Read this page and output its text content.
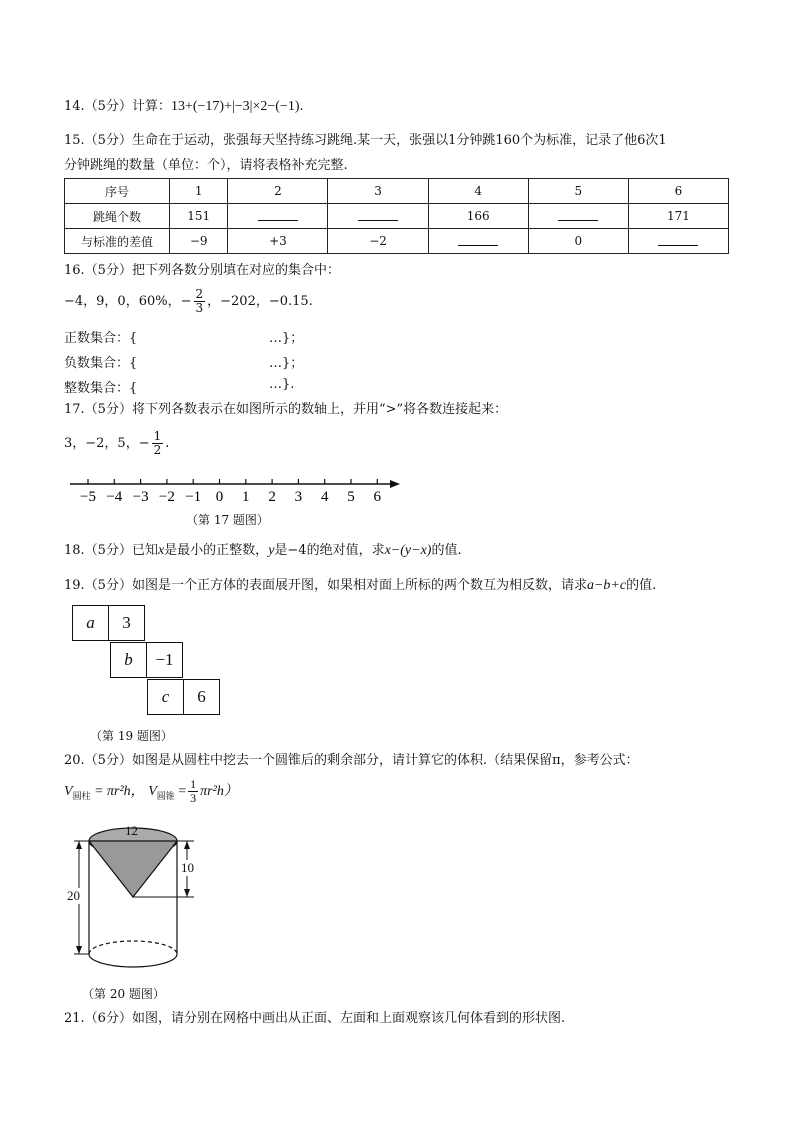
14.（5分）计算：13+(−17)+|−3|×2−(−1).
15.（5分）生命在于运动，张强每天坚持练习跳绳.某一天，张强以1分钟跳160个为标准，记录了他6次1
分钟跳绳的数量（单位：个），请将表格补充完整.
序号	1	2	3	4	5	6
跳绳个数	151			166		171
与标准的差值	−9	+3	−2		0	
16.（5分）把下列各数分别填在对应的集合中：
−4，9，0，60%，− $\frac{2}{3}$ ，−202，−0.15.
正数集合：{	…}；
负数集合：{	…}；
整数集合：{	…}.
17.（5分）将下列各数表示在如图所示的数轴上，并用“>”将各数连接起来：
3，−2，5，− $\frac{1}{2}$ .
−5 −4 −3 −2 −1 0 1 2 3 4 5 6
（第 17 题图）
18.（5分）已知x是最小的正整数，y是−4的绝对值，求x−(y−x)的值.
19.（5分）如图是一个正方体的表面展开图，如果相对面上所标的两个数互为相反数，请求a−b+c的值.
a	3
b	−1
c	6
（第 19 题图）
20.（5分）如图是从圆柱中挖去一个圆锥后的剩余部分，请计算它的体积.（结果保留π，参考公式：
$V_{圆柱} = \pi r^2h$， $V_{圆锥} = \frac{1}{3} \pi r^2h$）
12
10
20
（第 20 题图）
21.（6分）如图，请分别在网格中画出从正面、左面和上面观察该几何体看到的形状图.
